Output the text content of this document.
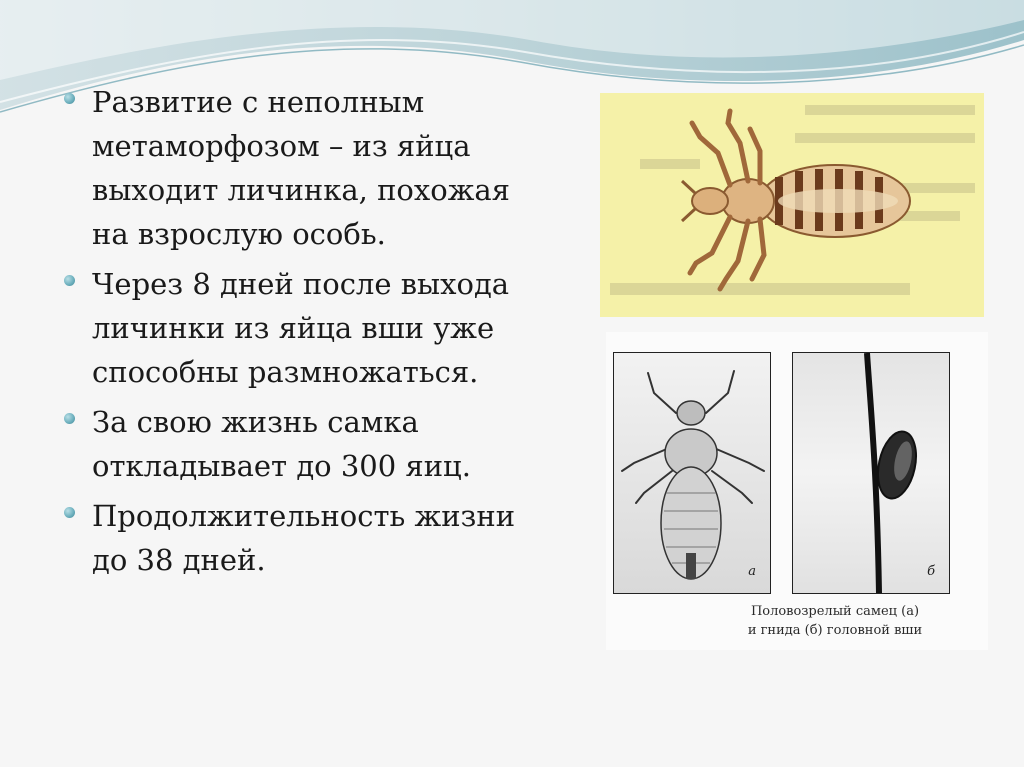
Развитие с неполным
метаморфозом – из яйца
выходит личинка, похожая
на взрослую особь.
Через 8 дней после выхода
личинки из яйца вши уже
способны размножаться.
За свою жизнь самка
откладывает до 300 яиц.
Продолжительность жизни
до 38 дней.
	а	б
Половозрелый самец (а)
и гнида (б) головной вши
